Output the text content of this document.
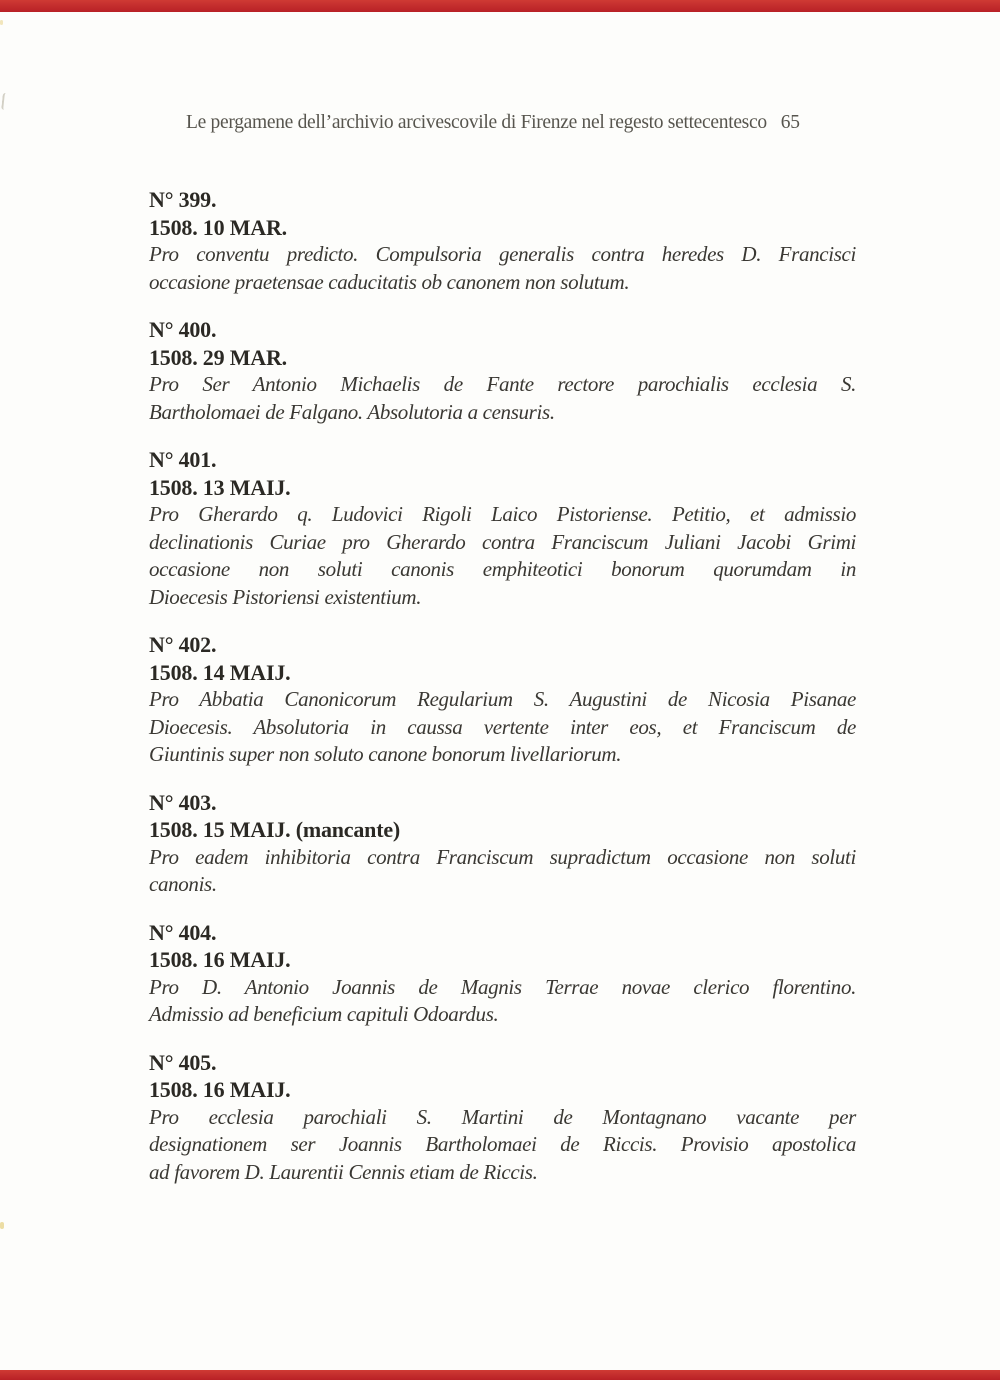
Le pergamene dell’archivio arcivescovile di Firenze nel regesto settecentesco 65
N° 399.
1508. 10 MAR.
Pro conventu predicto. Compulsoria generalis contra heredes D. Francisci
occasione praetensae caducitatis ob canonem non solutum.
N° 400.
1508. 29 MAR.
Pro Ser Antonio Michaelis de Fante rectore parochialis ecclesia S.
Bartholomaei de Falgano. Absolutoria a censuris.
N° 401.
1508. 13 MAIJ.
Pro Gherardo q. Ludovici Rigoli Laico Pistoriense. Petitio, et admissio
declinationis Curiae pro Gherardo contra Franciscum Juliani Jacobi Grimi
occasione non soluti canonis emphiteotici bonorum quorumdam in
Dioecesis Pistoriensi existentium.
N° 402.
1508. 14 MAIJ.
Pro Abbatia Canonicorum Regularium S. Augustini de Nicosia Pisanae
Dioecesis. Absolutoria in caussa vertente inter eos, et Franciscum de
Giuntinis super non soluto canone bonorum livellariorum.
N° 403.
1508. 15 MAIJ. (mancante)
Pro eadem inhibitoria contra Franciscum supradictum occasione non soluti
canonis.
N° 404.
1508. 16 MAIJ.
Pro D. Antonio Joannis de Magnis Terrae novae clerico florentino.
Admissio ad beneficium capituli Odoardus.
N° 405.
1508. 16 MAIJ.
Pro ecclesia parochiali S. Martini de Montagnano vacante per
designationem ser Joannis Bartholomaei de Riccis. Provisio apostolica
ad favorem D. Laurentii Cennis etiam de Riccis.
